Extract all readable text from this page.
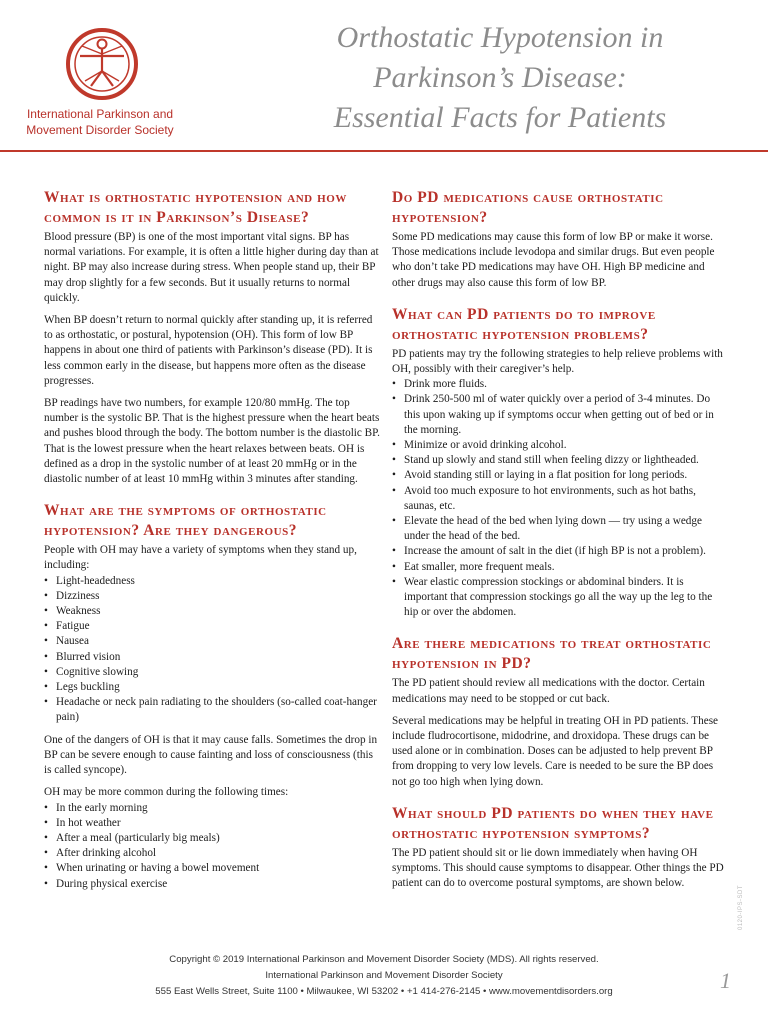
International Parkinson and
Movement Disorder Society
Orthostatic Hypotension in
Parkinson’s Disease:
Essential Facts for Patients
What is orthostatic hypotension and how common is it in Parkinson’s Disease?

Blood pressure (BP) is one of the most important vital signs. BP has normal variations. For example, it is often a little higher during day than at night. BP may also increase during stress. When people stand up, their BP may drop slightly for a few seconds. But it usually returns to normal quickly.

When BP doesn’t return to normal quickly after standing up, it is referred to as orthostatic, or postural, hypotension (OH). This form of low BP happens in about one third of patients with Parkinson’s disease (PD). It is less common early in the disease, but happens more often as the disease progresses.

BP readings have two numbers, for example 120/80 mmHg. The top number is the systolic BP. That is the highest pressure when the heart beats and pushes blood through the body. The bottom number is the diastolic BP. That is the lowest pressure when the heart relaxes between beats. OH is defined as a drop in the systolic number of at least 20 mmHg or in the diastolic number of at least 10 mmHg within 3 minutes after standing.

What are the symptoms of orthostatic hypotension? Are they dangerous?

People with OH may have a variety of symptoms when they stand up, including:

• Light-headedness
• Dizziness
• Weakness
• Fatigue
• Nausea
• Blurred vision
• Cognitive slowing
• Legs buckling
• Headache or neck pain radiating to the shoulders (so-called coat-hanger pain)

One of the dangers of OH is that it may cause falls. Sometimes the drop in BP can be severe enough to cause fainting and loss of consciousness (this is called syncope).

OH may be more common during the following times:

• In the early morning
• In hot weather
• After a meal (particularly big meals)
• After drinking alcohol
• When urinating or having a bowel movement
• During physical exercise
Do PD medications cause orthostatic hypotension?

Some PD medications may cause this form of low BP or make it worse. Those medications include levodopa and similar drugs. But even people who don’t take PD medications may have OH. High BP medicine and other drugs may also cause this form of low BP.

What can PD patients do to improve orthostatic hypotension problems?

PD patients may try the following strategies to help relieve problems with OH, possibly with their caregiver’s help.

• Drink more fluids.
• Drink 250-500 ml of water quickly over a period of 3-4 minutes. Do this upon waking up if symptoms occur when getting out of bed or in the morning.
• Minimize or avoid drinking alcohol.
• Stand up slowly and stand still when feeling dizzy or lightheaded.
• Avoid standing still or laying in a flat position for long periods.
• Avoid too much exposure to hot environments, such as hot baths, saunas, etc.
• Elevate the head of the bed when lying down — try using a wedge under the head of the bed.
• Increase the amount of salt in the diet (if high BP is not a problem).
• Eat smaller, more frequent meals.
• Wear elastic compression stockings or abdominal binders. It is important that compression stockings go all the way up the leg to the hip or over the abdomen.
Are there medications to treat orthostatic hypotension in PD?

The PD patient should review all medications with the doctor. Certain medications may need to be stopped or cut back.

Several medications may be helpful in treating OH in PD patients. These include fludrocortisone, midodrine, and droxidopa. These drugs can be used alone or in combination. Doses can be adjusted to help prevent BP from dropping to very low levels. Care is needed to be sure the BP does not go too high when lying down.

What should PD patients do when they have orthostatic hypotension symptoms?

The PD patient should sit or lie down immediately when having OH symptoms. This should cause symptoms to disappear. Other things the PD patient can do to overcome postural symptoms, are shown below.

Copyright © 2019 International Parkinson and Movement Disorder Society (MDS). All rights reserved.
International Parkinson and Movement Disorder Society
555 East Wells Street, Suite 1100 • Milwaukee, WI 53202 • +1 414-276-2145 • www.movementdisorders.org	1
0120-IPS-SDT
